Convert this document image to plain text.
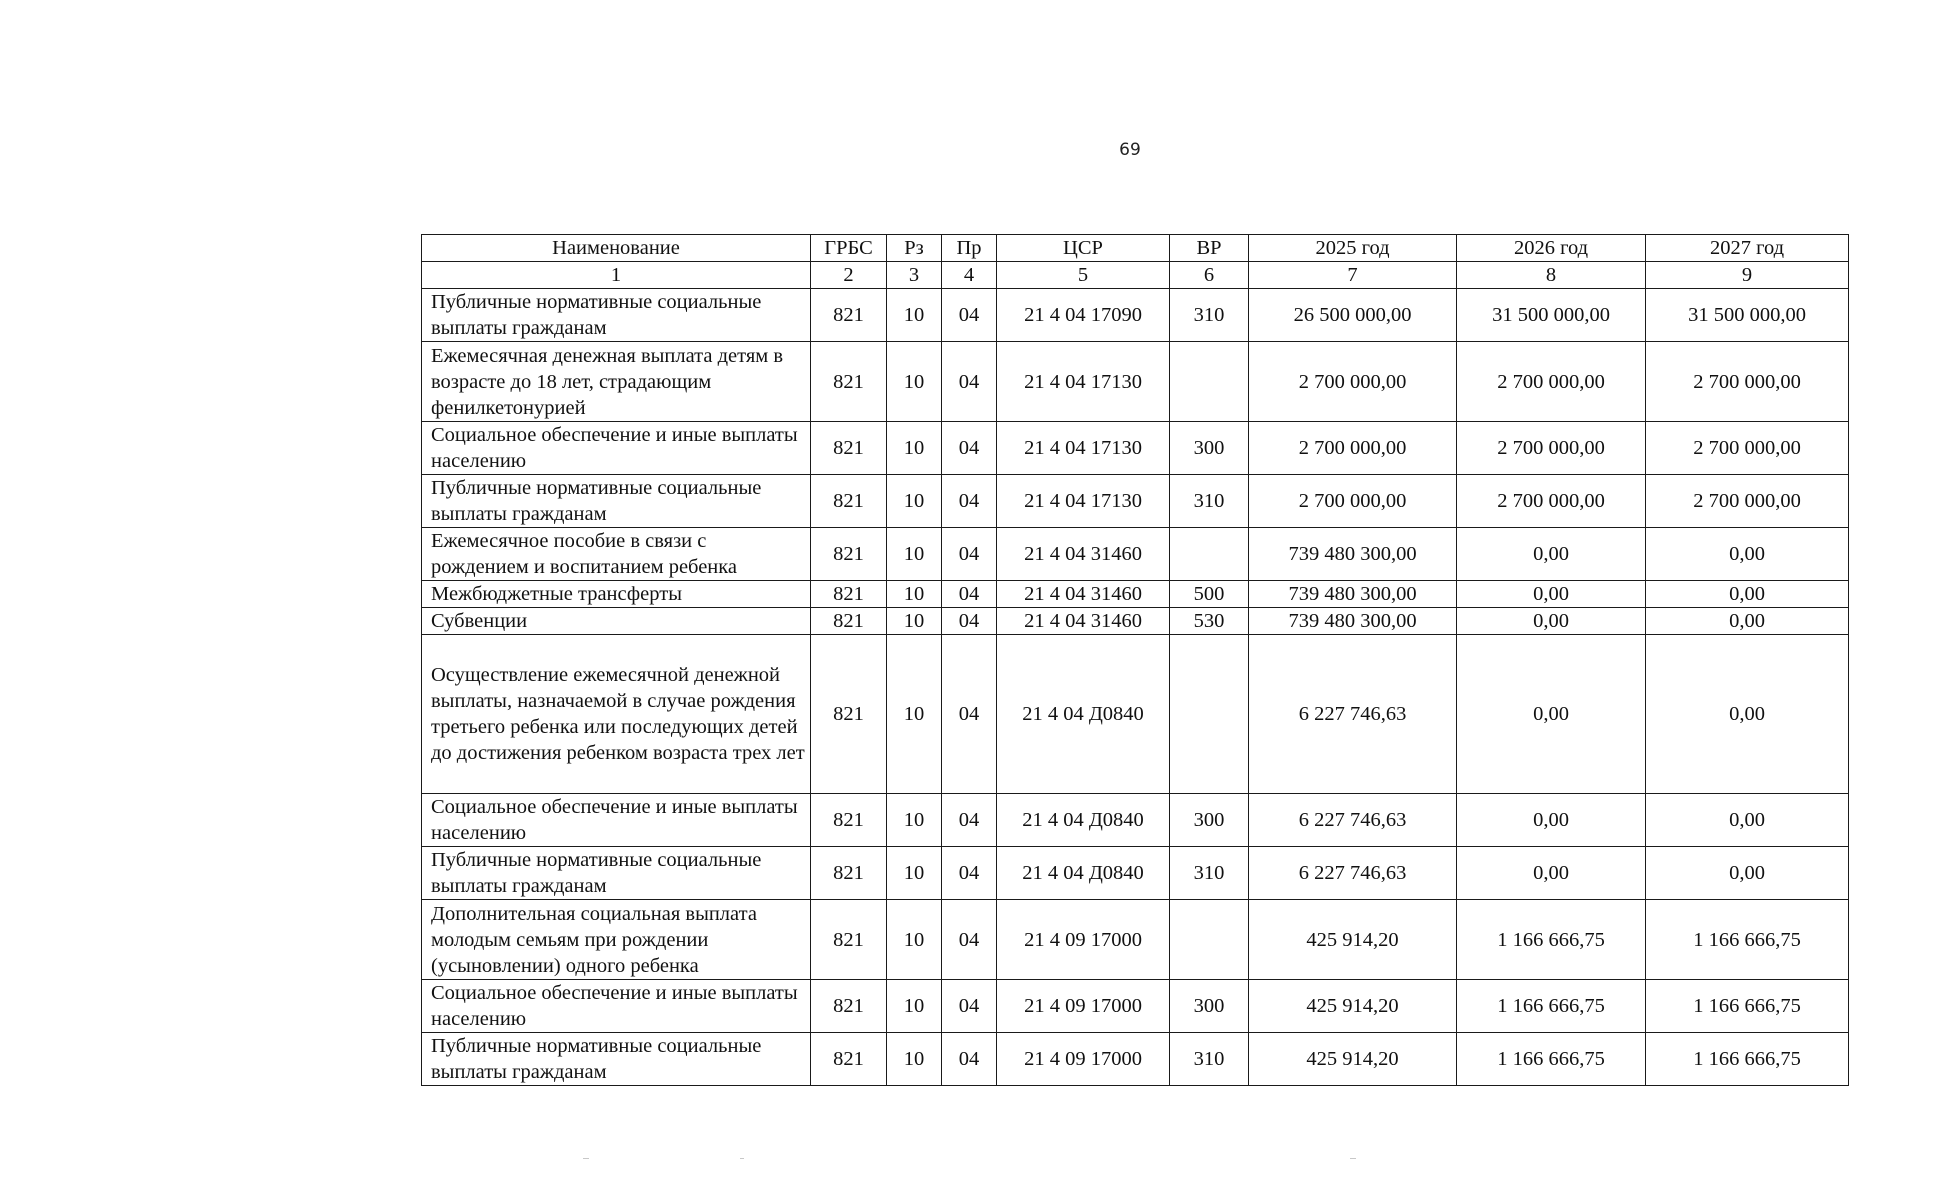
69
Наименование	ГРБС	Рз	Пр	ЦСР	ВР	2025 год	2026 год	2027 год
1	2	3	4	5	6	7	8	9
Публичные нормативные социальные выплаты гражданам	821	10	04	21 4 04 17090	310	26 500 000,00	31 500 000,00	31 500 000,00
Ежемесячная денежная выплата детям в возрасте до 18 лет, страдающим фенилкетонурией	821	10	04	21 4 04 17130		2 700 000,00	2 700 000,00	2 700 000,00
Социальное обеспечение и иные выплаты населению	821	10	04	21 4 04 17130	300	2 700 000,00	2 700 000,00	2 700 000,00
Публичные нормативные социальные выплаты гражданам	821	10	04	21 4 04 17130	310	2 700 000,00	2 700 000,00	2 700 000,00
Ежемесячное пособие в связи с рождением и воспитанием ребенка	821	10	04	21 4 04 31460		739 480 300,00	0,00	0,00
Межбюджетные трансферты	821	10	04	21 4 04 31460	500	739 480 300,00	0,00	0,00
Субвенции	821	10	04	21 4 04 31460	530	739 480 300,00	0,00	0,00
Осуществление ежемесячной денежной выплаты, назначаемой в случае рождения третьего ребенка или последующих детей до достижения ребенком возраста трех лет	821	10	04	21 4 04 Д0840		6 227 746,63	0,00	0,00
Социальное обеспечение и иные выплаты населению	821	10	04	21 4 04 Д0840	300	6 227 746,63	0,00	0,00
Публичные нормативные социальные выплаты гражданам	821	10	04	21 4 04 Д0840	310	6 227 746,63	0,00	0,00
Дополнительная социальная выплата молодым семьям при рождении (усыновлении) одного ребенка	821	10	04	21 4 09 17000		425 914,20	1 166 666,75	1 166 666,75
Социальное обеспечение и иные выплаты населению	821	10	04	21 4 09 17000	300	425 914,20	1 166 666,75	1 166 666,75
Публичные нормативные социальные выплаты гражданам	821	10	04	21 4 09 17000	310	425 914,20	1 166 666,75	1 166 666,75
